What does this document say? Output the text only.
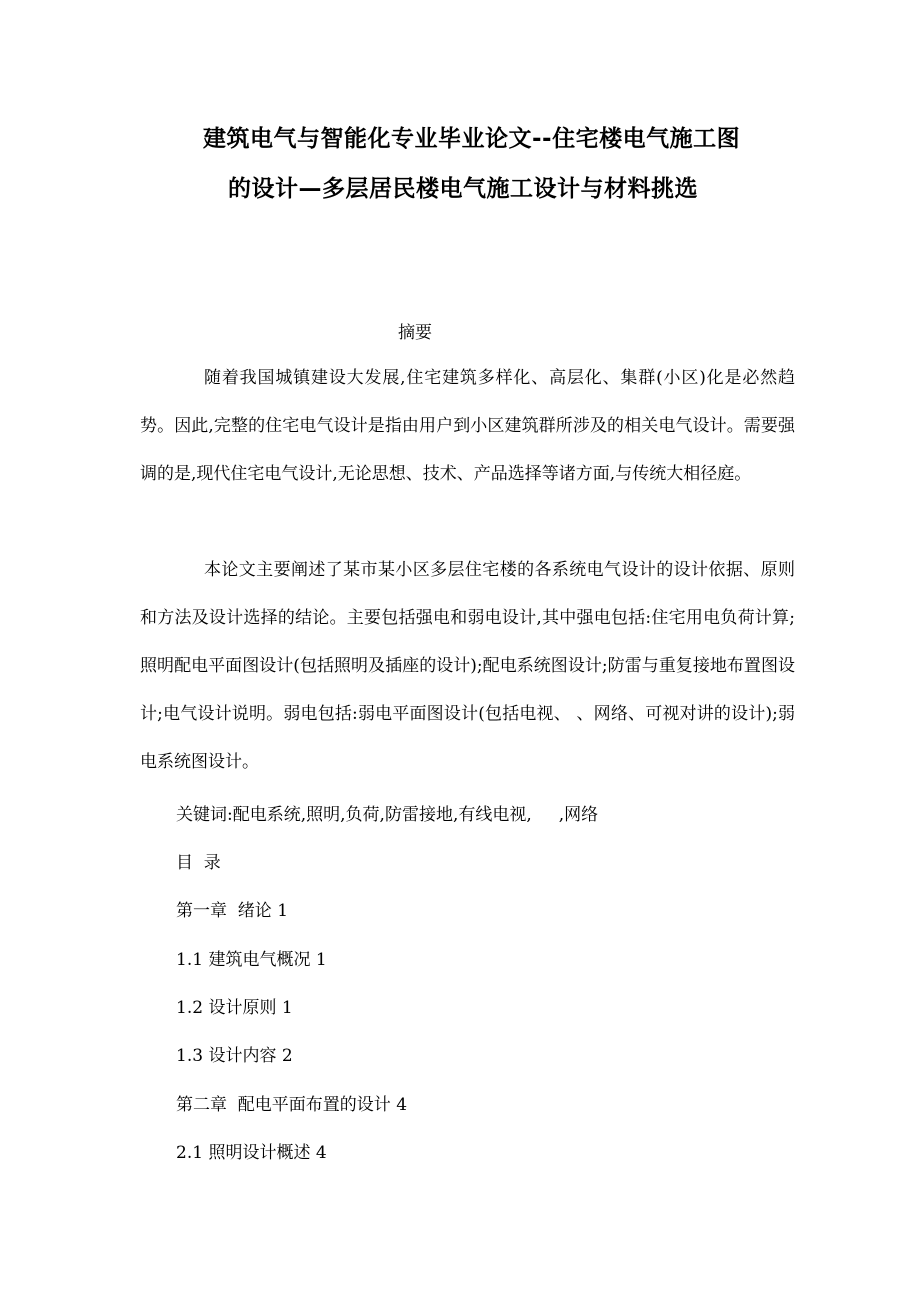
建筑电气与智能化专业毕业论文--住宅楼电气施工图
的设计—多层居民楼电气施工设计与材料挑选
摘要

随着我国城镇建设大发展,住宅建筑多样化、高层化、集群(小区)化是必然趋势。因此,完整的住宅电气设计是指由用户到小区建筑群所涉及的相关电气设计。需要强调的是,现代住宅电气设计,无论思想、技术、产品选择等诸方面,与传统大相径庭。

本论文主要阐述了某市某小区多层住宅楼的各系统电气设计的设计依据、原则和方法及设计选择的结论。主要包括强电和弱电设计,其中强电包括:住宅用电负荷计算;照明配电平面图设计(包括照明及插座的设计);配电系统图设计;防雷与重复接地布置图设计;电气设计说明。弱电包括:弱电平面图设计(包括电视、 、网络、可视对讲的设计);弱电系统图设计。

关键词:配电系统,照明,负荷,防雷接地,有线电视,     ,网络
目  录
第一章  绪论 1
1.1 建筑电气概况 1
1.2 设计原则 1
1.3 设计内容 2
第二章  配电平面布置的设计 4
2.1 照明设计概述 4
